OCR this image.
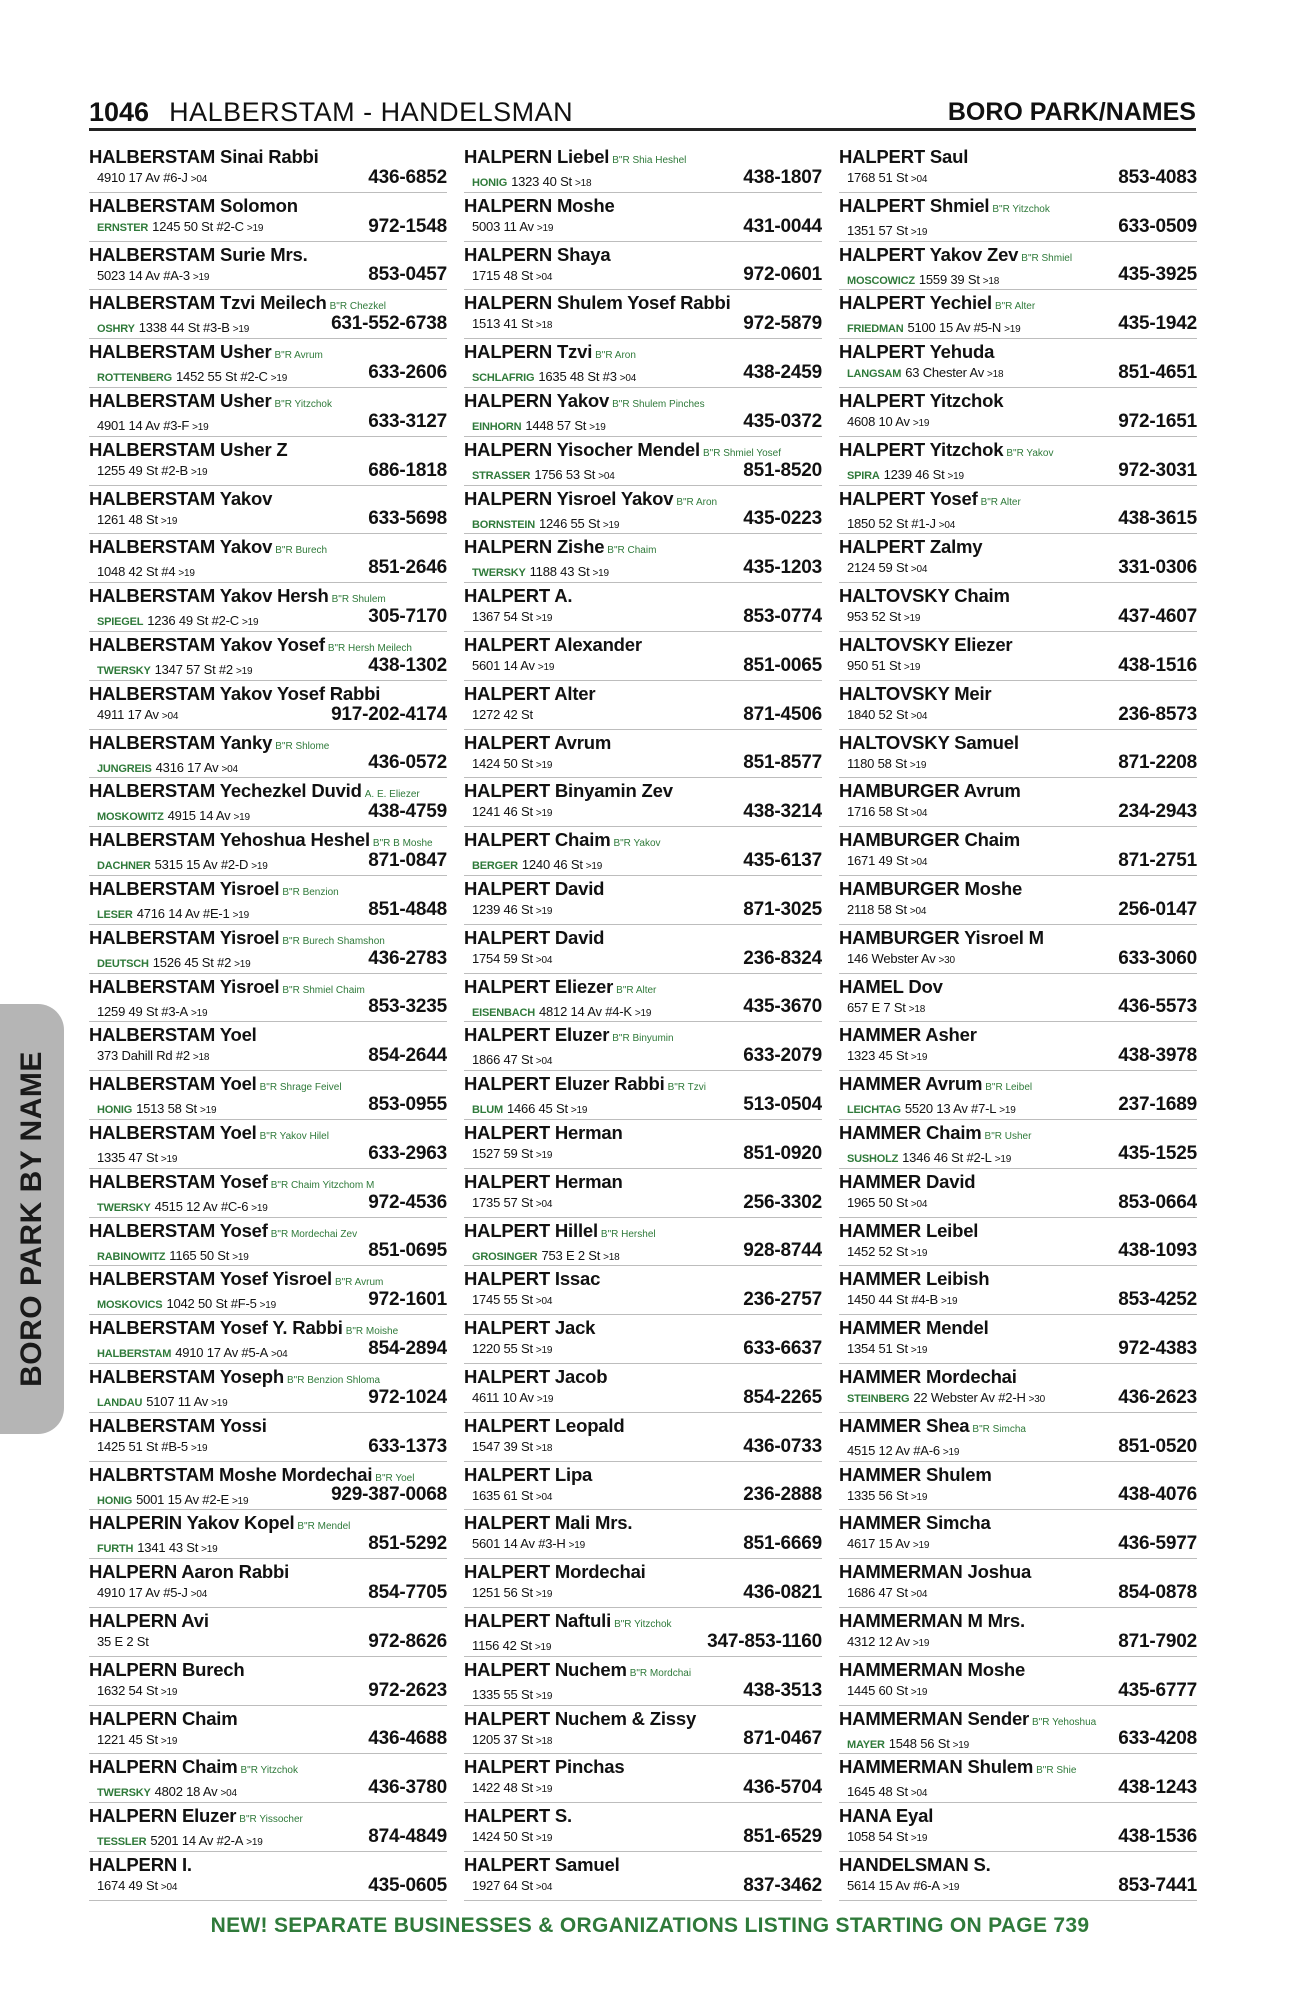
1046 HALBERSTAM - HANDELSMAN	BORO PARK/NAMES
HALBERSTAM Sinai Rabbi
4910 17 Av #6-J >04	436-6852
HALBERSTAM Solomon
ERNSTER 1245 50 St #2-C >19	972-1548
HALBERSTAM Surie Mrs.
5023 14 Av #A-3 >19	853-0457
HALBERSTAM Tzvi Meilech B"R Chezkel
OSHRY 1338 44 St #3-B >19	631-552-6738
HALBERSTAM Usher B"R Avrum
ROTTENBERG 1452 55 St #2-C >19	633-2606
HALBERSTAM Usher B"R Yitzchok
4901 14 Av #3-F >19	633-3127
HALBERSTAM Usher Z
1255 49 St #2-B >19	686-1818
HALBERSTAM Yakov
1261 48 St >19	633-5698
HALBERSTAM Yakov B"R Burech
1048 42 St #4 >19	851-2646
HALBERSTAM Yakov Hersh B"R Shulem
SPIEGEL 1236 49 St #2-C >19	305-7170
HALBERSTAM Yakov Yosef B"R Hersh Meilech
TWERSKY 1347 57 St #2 >19	438-1302
HALBERSTAM Yakov Yosef Rabbi
4911 17 Av >04	917-202-4174
HALBERSTAM Yanky B"R Shlome
JUNGREIS 4316 17 Av >04	436-0572
HALBERSTAM Yechezkel Duvid A. E. Eliezer
MOSKOWITZ 4915 14 Av >19	438-4759
HALBERSTAM Yehoshua Heshel B"R B Moshe
DACHNER 5315 15 Av #2-D >19	871-0847
HALBERSTAM Yisroel B"R Benzion
LESER 4716 14 Av #E-1 >19	851-4848
HALBERSTAM Yisroel B"R Burech Shamshon
DEUTSCH 1526 45 St #2 >19	436-2783
HALBERSTAM Yisroel B"R Shmiel Chaim
1259 49 St #3-A >19	853-3235
HALBERSTAM Yoel
373 Dahill Rd #2 >18	854-2644
HALBERSTAM Yoel B"R Shrage Feivel
HONIG 1513 58 St >19	853-0955
HALBERSTAM Yoel B"R Yakov Hilel
1335 47 St >19	633-2963
HALBERSTAM Yosef B"R Chaim Yitzchom M
TWERSKY 4515 12 Av #C-6 >19	972-4536
HALBERSTAM Yosef B"R Mordechai Zev
RABINOWITZ 1165 50 St >19	851-0695
HALBERSTAM Yosef Yisroel B"R Avrum
MOSKOVICS 1042 50 St #F-5 >19	972-1601
HALBERSTAM Yosef Y. Rabbi B"R Moishe
HALBERSTAM 4910 17 Av #5-A >04	854-2894
HALBERSTAM Yoseph B"R Benzion Shloma
LANDAU 5107 11 Av >19	972-1024
HALBERSTAM Yossi
1425 51 St #B-5 >19	633-1373
HALBRTSTAM Moshe Mordechai B"R Yoel
HONIG 5001 15 Av #2-E >19	929-387-0068
HALPERIN Yakov Kopel B"R Mendel
FURTH 1341 43 St >19	851-5292
HALPERN Aaron Rabbi
4910 17 Av #5-J >04	854-7705
HALPERN Avi
35 E 2 St	972-8626
HALPERN Burech
1632 54 St >19	972-2623
HALPERN Chaim
1221 45 St >19	436-4688
HALPERN Chaim B"R Yitzchok
TWERSKY 4802 18 Av >04	436-3780
HALPERN Eluzer B"R Yissocher
TESSLER 5201 14 Av #2-A >19	874-4849
HALPERN I.
1674 49 St >04	435-0605
HALPERN Liebel B"R Shia Heshel
HONIG 1323 40 St >18	438-1807
HALPERN Moshe
5003 11 Av >19	431-0044
HALPERN Shaya
1715 48 St >04	972-0601
HALPERN Shulem Yosef Rabbi
1513 41 St >18	972-5879
HALPERN Tzvi B"R Aron
SCHLAFRIG 1635 48 St #3 >04	438-2459
HALPERN Yakov B"R Shulem Pinches
EINHORN 1448 57 St >19	435-0372
HALPERN Yisocher Mendel B"R Shmiel Yosef
STRASSER 1756 53 St >04	851-8520
HALPERN Yisroel Yakov B"R Aron
BORNSTEIN 1246 55 St >19	435-0223
HALPERN Zishe B"R Chaim
TWERSKY 1188 43 St >19	435-1203
HALPERT A.
1367 54 St >19	853-0774
HALPERT Alexander
5601 14 Av >19	851-0065
HALPERT Alter
1272 42 St	871-4506
HALPERT Avrum
1424 50 St >19	851-8577
HALPERT Binyamin Zev
1241 46 St >19	438-3214
HALPERT Chaim B"R Yakov
BERGER 1240 46 St >19	435-6137
HALPERT David
1239 46 St >19	871-3025
HALPERT David
1754 59 St >04	236-8324
HALPERT Eliezer B"R Alter
EISENBACH 4812 14 Av #4-K >19	435-3670
HALPERT Eluzer B"R Binyumin
1866 47 St >04	633-2079
HALPERT Eluzer Rabbi B"R Tzvi
BLUM 1466 45 St >19	513-0504
HALPERT Herman
1527 59 St >19	851-0920
HALPERT Herman
1735 57 St >04	256-3302
HALPERT Hillel B"R Hershel
GROSINGER 753 E 2 St >18	928-8744
HALPERT Issac
1745 55 St >04	236-2757
HALPERT Jack
1220 55 St >19	633-6637
HALPERT Jacob
4611 10 Av >19	854-2265
HALPERT Leopald
1547 39 St >18	436-0733
HALPERT Lipa
1635 61 St >04	236-2888
HALPERT Mali Mrs.
5601 14 Av #3-H >19	851-6669
HALPERT Mordechai
1251 56 St >19	436-0821
HALPERT Naftuli B"R Yitzchok
1156 42 St >19	347-853-1160
HALPERT Nuchem B"R Mordchai
1335 55 St >19	438-3513
HALPERT Nuchem & Zissy
1205 37 St >18	871-0467
HALPERT Pinchas
1422 48 St >19	436-5704
HALPERT S.
1424 50 St >19	851-6529
HALPERT Samuel
1927 64 St >04	837-3462
HALPERT Saul
1768 51 St >04	853-4083
HALPERT Shmiel B"R Yitzchok
1351 57 St >19	633-0509
HALPERT Yakov Zev B"R Shmiel
MOSCOWICZ 1559 39 St >18	435-3925
HALPERT Yechiel B"R Alter
FRIEDMAN 5100 15 Av #5-N >19	435-1942
HALPERT Yehuda
LANGSAM 63 Chester Av >18	851-4651
HALPERT Yitzchok
4608 10 Av >19	972-1651
HALPERT Yitzchok B"R Yakov
SPIRA 1239 46 St >19	972-3031
HALPERT Yosef B"R Alter
1850 52 St #1-J >04	438-3615
HALPERT Zalmy
2124 59 St >04	331-0306
HALTOVSKY Chaim
953 52 St >19	437-4607
HALTOVSKY Eliezer
950 51 St >19	438-1516
HALTOVSKY Meir
1840 52 St >04	236-8573
HALTOVSKY Samuel
1180 58 St >19	871-2208
HAMBURGER Avrum
1716 58 St >04	234-2943
HAMBURGER Chaim
1671 49 St >04	871-2751
HAMBURGER Moshe
2118 58 St >04	256-0147
HAMBURGER Yisroel M
146 Webster Av >30	633-3060
HAMEL Dov
657 E 7 St >18	436-5573
HAMMER Asher
1323 45 St >19	438-3978
HAMMER Avrum B"R Leibel
LEICHTAG 5520 13 Av #7-L >19	237-1689
HAMMER Chaim B"R Usher
SUSHOLZ 1346 46 St #2-L >19	435-1525
HAMMER David
1965 50 St >04	853-0664
HAMMER Leibel
1452 52 St >19	438-1093
HAMMER Leibish
1450 44 St #4-B >19	853-4252
HAMMER Mendel
1354 51 St >19	972-4383
HAMMER Mordechai
STEINBERG 22 Webster Av #2-H >30	436-2623
HAMMER Shea B"R Simcha
4515 12 Av #A-6 >19	851-0520
HAMMER Shulem
1335 56 St >19	438-4076
HAMMER Simcha
4617 15 Av >19	436-5977
HAMMERMAN Joshua
1686 47 St >04	854-0878
HAMMERMAN M Mrs.
4312 12 Av >19	871-7902
HAMMERMAN Moshe
1445 60 St >19	435-6777
HAMMERMAN Sender B"R Yehoshua
MAYER 1548 56 St >19	633-4208
HAMMERMAN Shulem B"R Shie
1645 48 St >04	438-1243
HANA Eyal
1058 54 St >19	438-1536
HANDELSMAN S.
5614 15 Av #6-A >19	853-7441
BORO PARK BY NAME
NEW! SEPARATE BUSINESSES & ORGANIZATIONS LISTING STARTING ON PAGE 739
